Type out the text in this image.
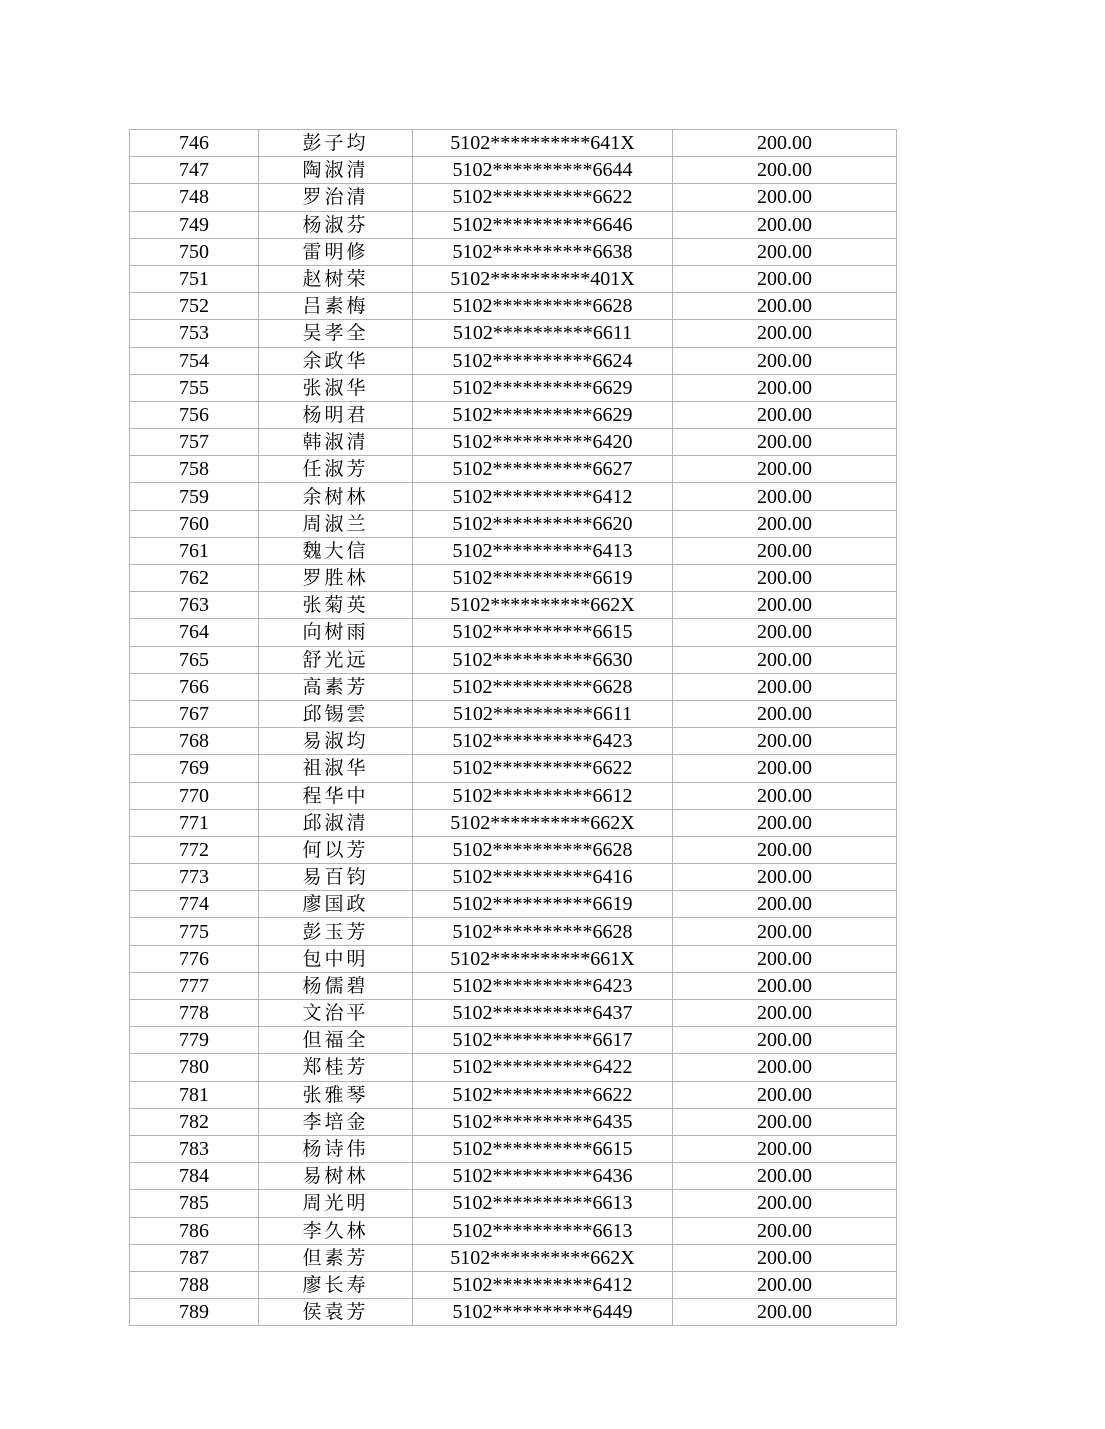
746	彭子均	5102**********641X	200.00
747	陶淑清	5102**********6644	200.00
748	罗治清	5102**********6622	200.00
749	杨淑芬	5102**********6646	200.00
750	雷明修	5102**********6638	200.00
751	赵树荣	5102**********401X	200.00
752	吕素梅	5102**********6628	200.00
753	吴孝全	5102**********6611	200.00
754	余政华	5102**********6624	200.00
755	张淑华	5102**********6629	200.00
756	杨明君	5102**********6629	200.00
757	韩淑清	5102**********6420	200.00
758	任淑芳	5102**********6627	200.00
759	余树林	5102**********6412	200.00
760	周淑兰	5102**********6620	200.00
761	魏大信	5102**********6413	200.00
762	罗胜林	5102**********6619	200.00
763	张菊英	5102**********662X	200.00
764	向树雨	5102**********6615	200.00
765	舒光远	5102**********6630	200.00
766	高素芳	5102**********6628	200.00
767	邱锡雲	5102**********6611	200.00
768	易淑均	5102**********6423	200.00
769	祖淑华	5102**********6622	200.00
770	程华中	5102**********6612	200.00
771	邱淑清	5102**********662X	200.00
772	何以芳	5102**********6628	200.00
773	易百钧	5102**********6416	200.00
774	廖国政	5102**********6619	200.00
775	彭玉芳	5102**********6628	200.00
776	包中明	5102**********661X	200.00
777	杨儒碧	5102**********6423	200.00
778	文治平	5102**********6437	200.00
779	但福全	5102**********6617	200.00
780	郑桂芳	5102**********6422	200.00
781	张雅琴	5102**********6622	200.00
782	李培金	5102**********6435	200.00
783	杨诗伟	5102**********6615	200.00
784	易树林	5102**********6436	200.00
785	周光明	5102**********6613	200.00
786	李久林	5102**********6613	200.00
787	但素芳	5102**********662X	200.00
788	廖长寿	5102**********6412	200.00
789	侯袁芳	5102**********6449	200.00
